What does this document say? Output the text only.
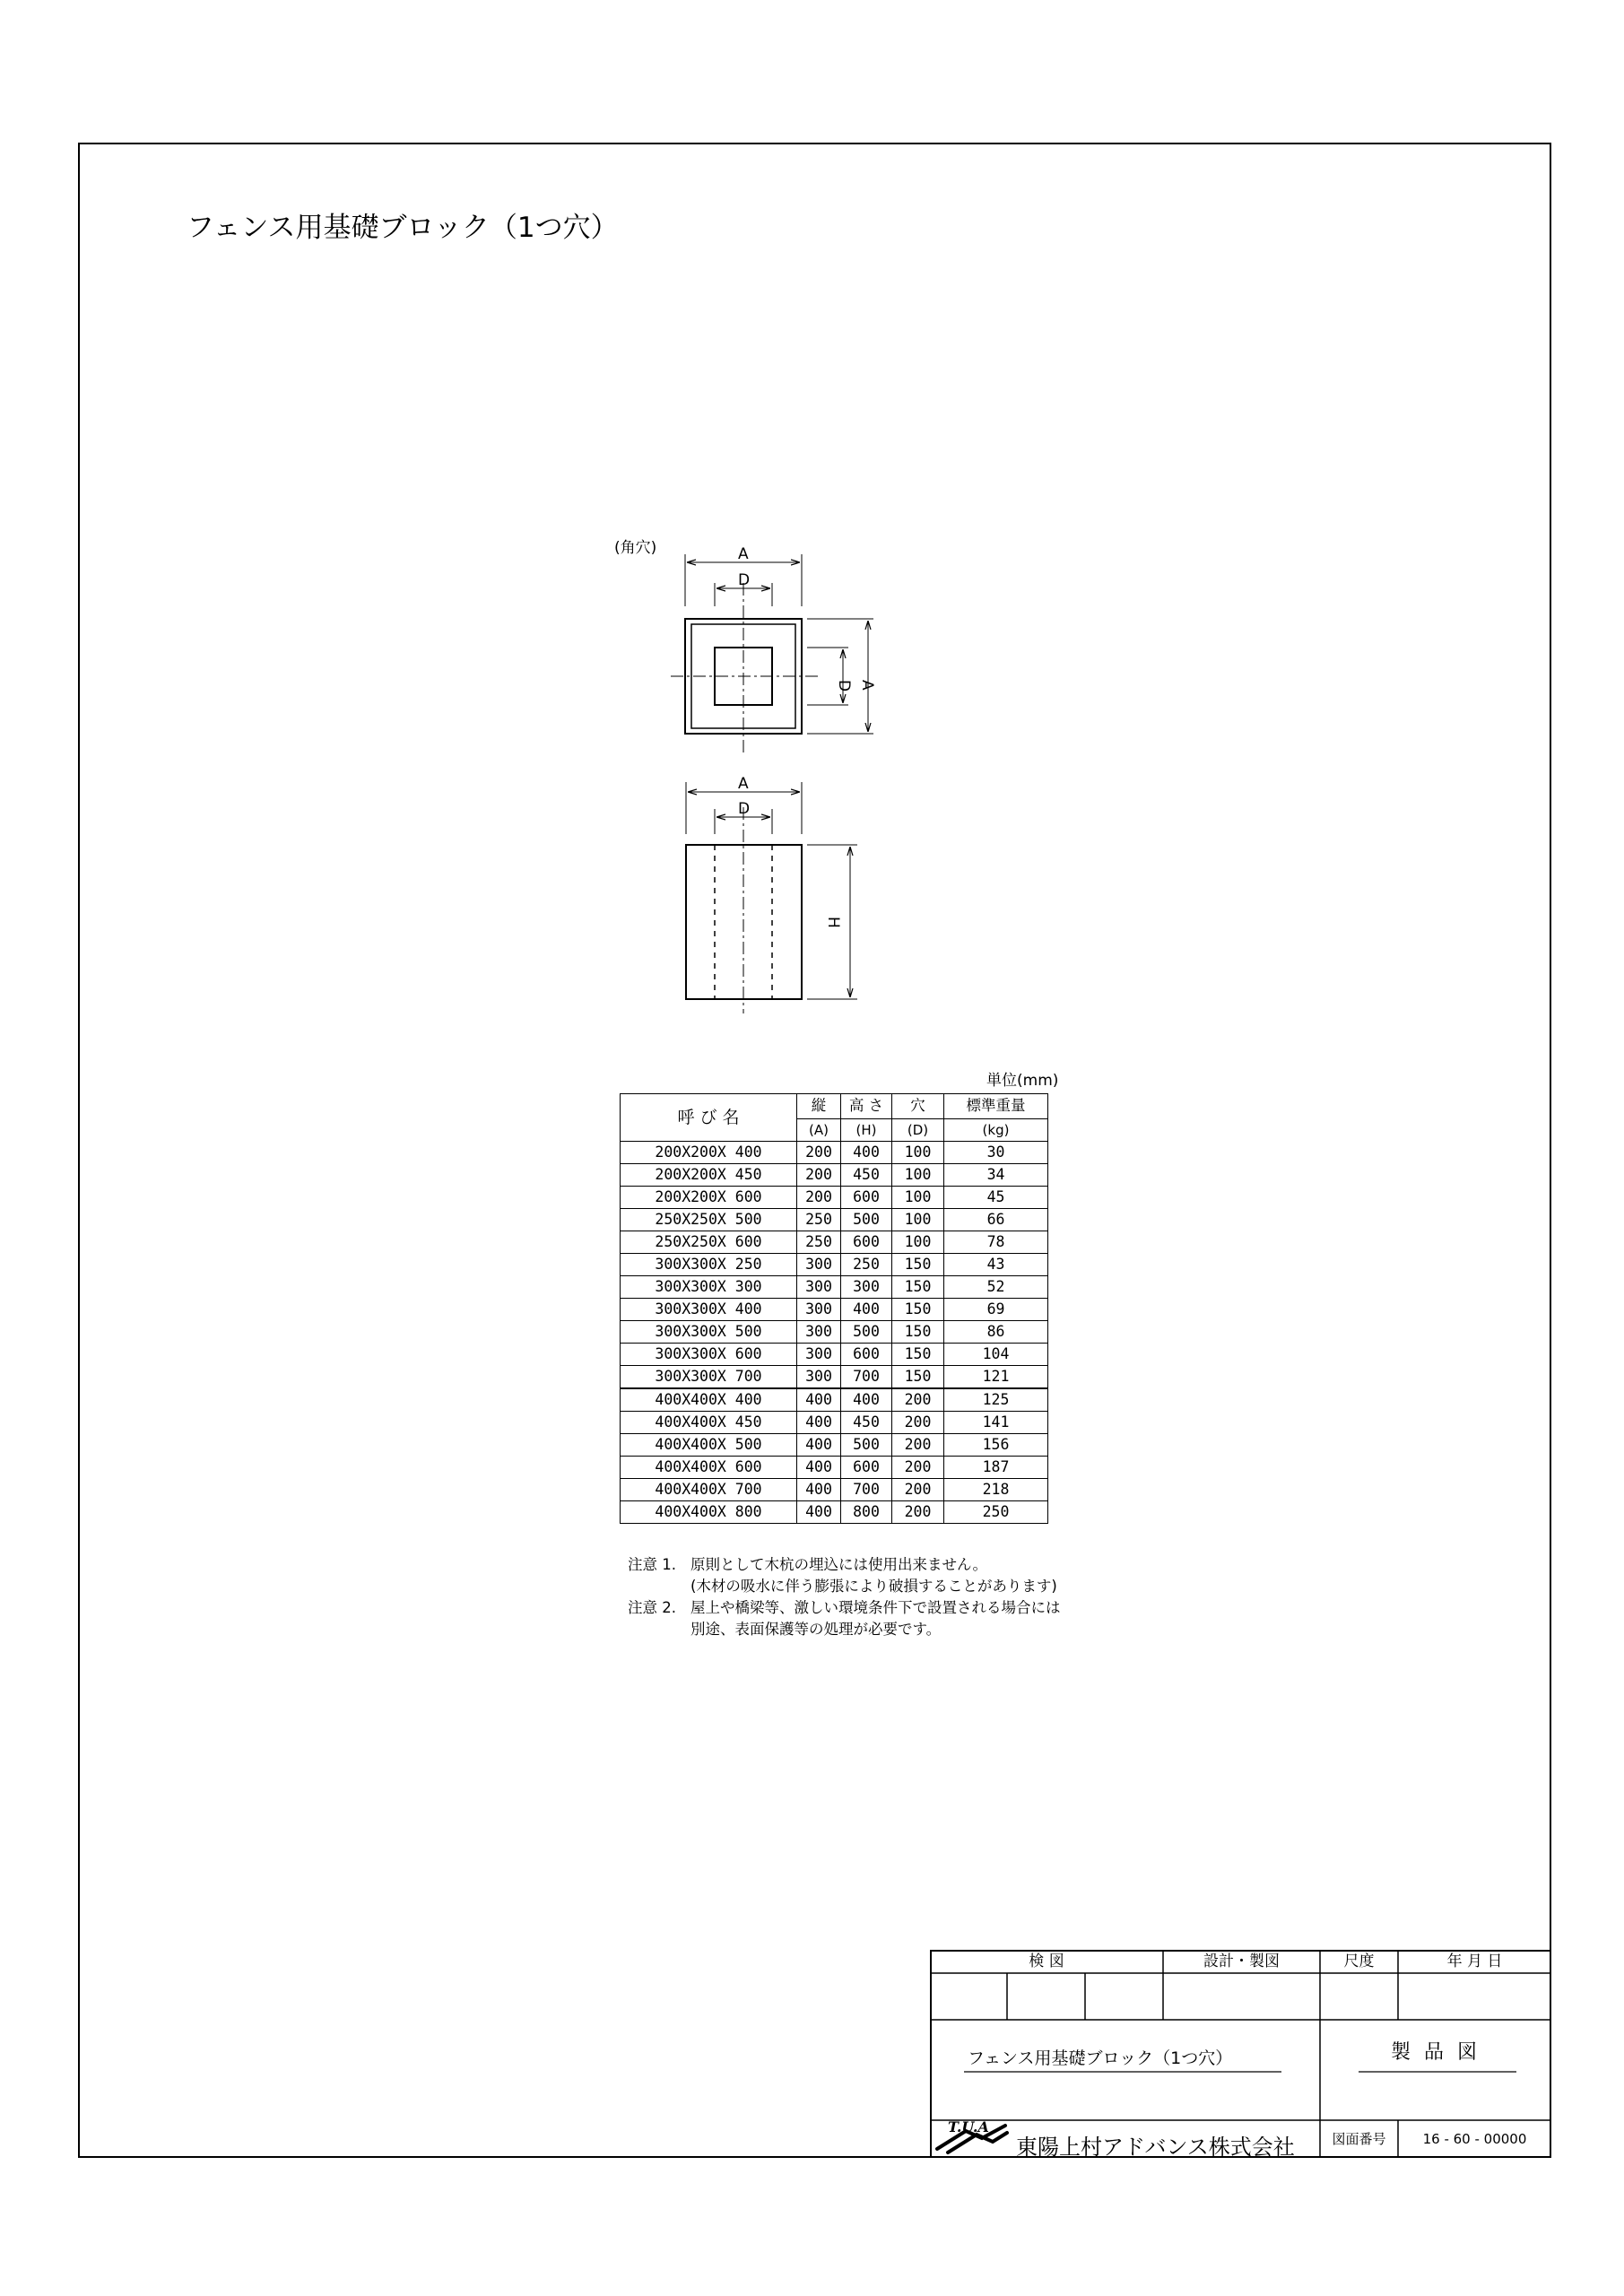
フェンス用基礎ブロック（1つ穴）
(角穴)	A
D
D A
A
D
H
単位(mm)
呼 び 名	縦	高 さ	穴	標準重量
	(A)	(H)	(D)	(kg)
200X200X 400	200	400	100	30
200X200X 450	200	450	100	34
200X200X 600	200	600	100	45
250X250X 500	250	500	100	66
250X250X 600	250	600	100	78
300X300X 250	300	250	150	43
300X300X 300	300	300	150	52
300X300X 400	300	400	150	69
300X300X 500	300	500	150	86
300X300X 600	300	600	150	104
300X300X 700	300	700	150	121
400X400X 400	400	400	200	125
400X400X 450	400	450	200	141
400X400X 500	400	500	200	156
400X400X 600	400	600	200	187
400X400X 700	400	700	200	218
400X400X 800	400	800	200	250
注意 1. 原則として木杭の埋込には使用出来ません。
(木材の吸水に伴う膨張により破損することがあります)
注意 2. 屋上や橋梁等、激しい環境条件下で設置される場合には
別途、表面保護等の処理が必要です。
検 図	設計・製図	尺度	年 月 日
フェンス用基礎ブロック（1つ穴）	製 品 図
T.U.A
東陽上村アドバンス株式会社	図面番号	16 - 60 - 00000
